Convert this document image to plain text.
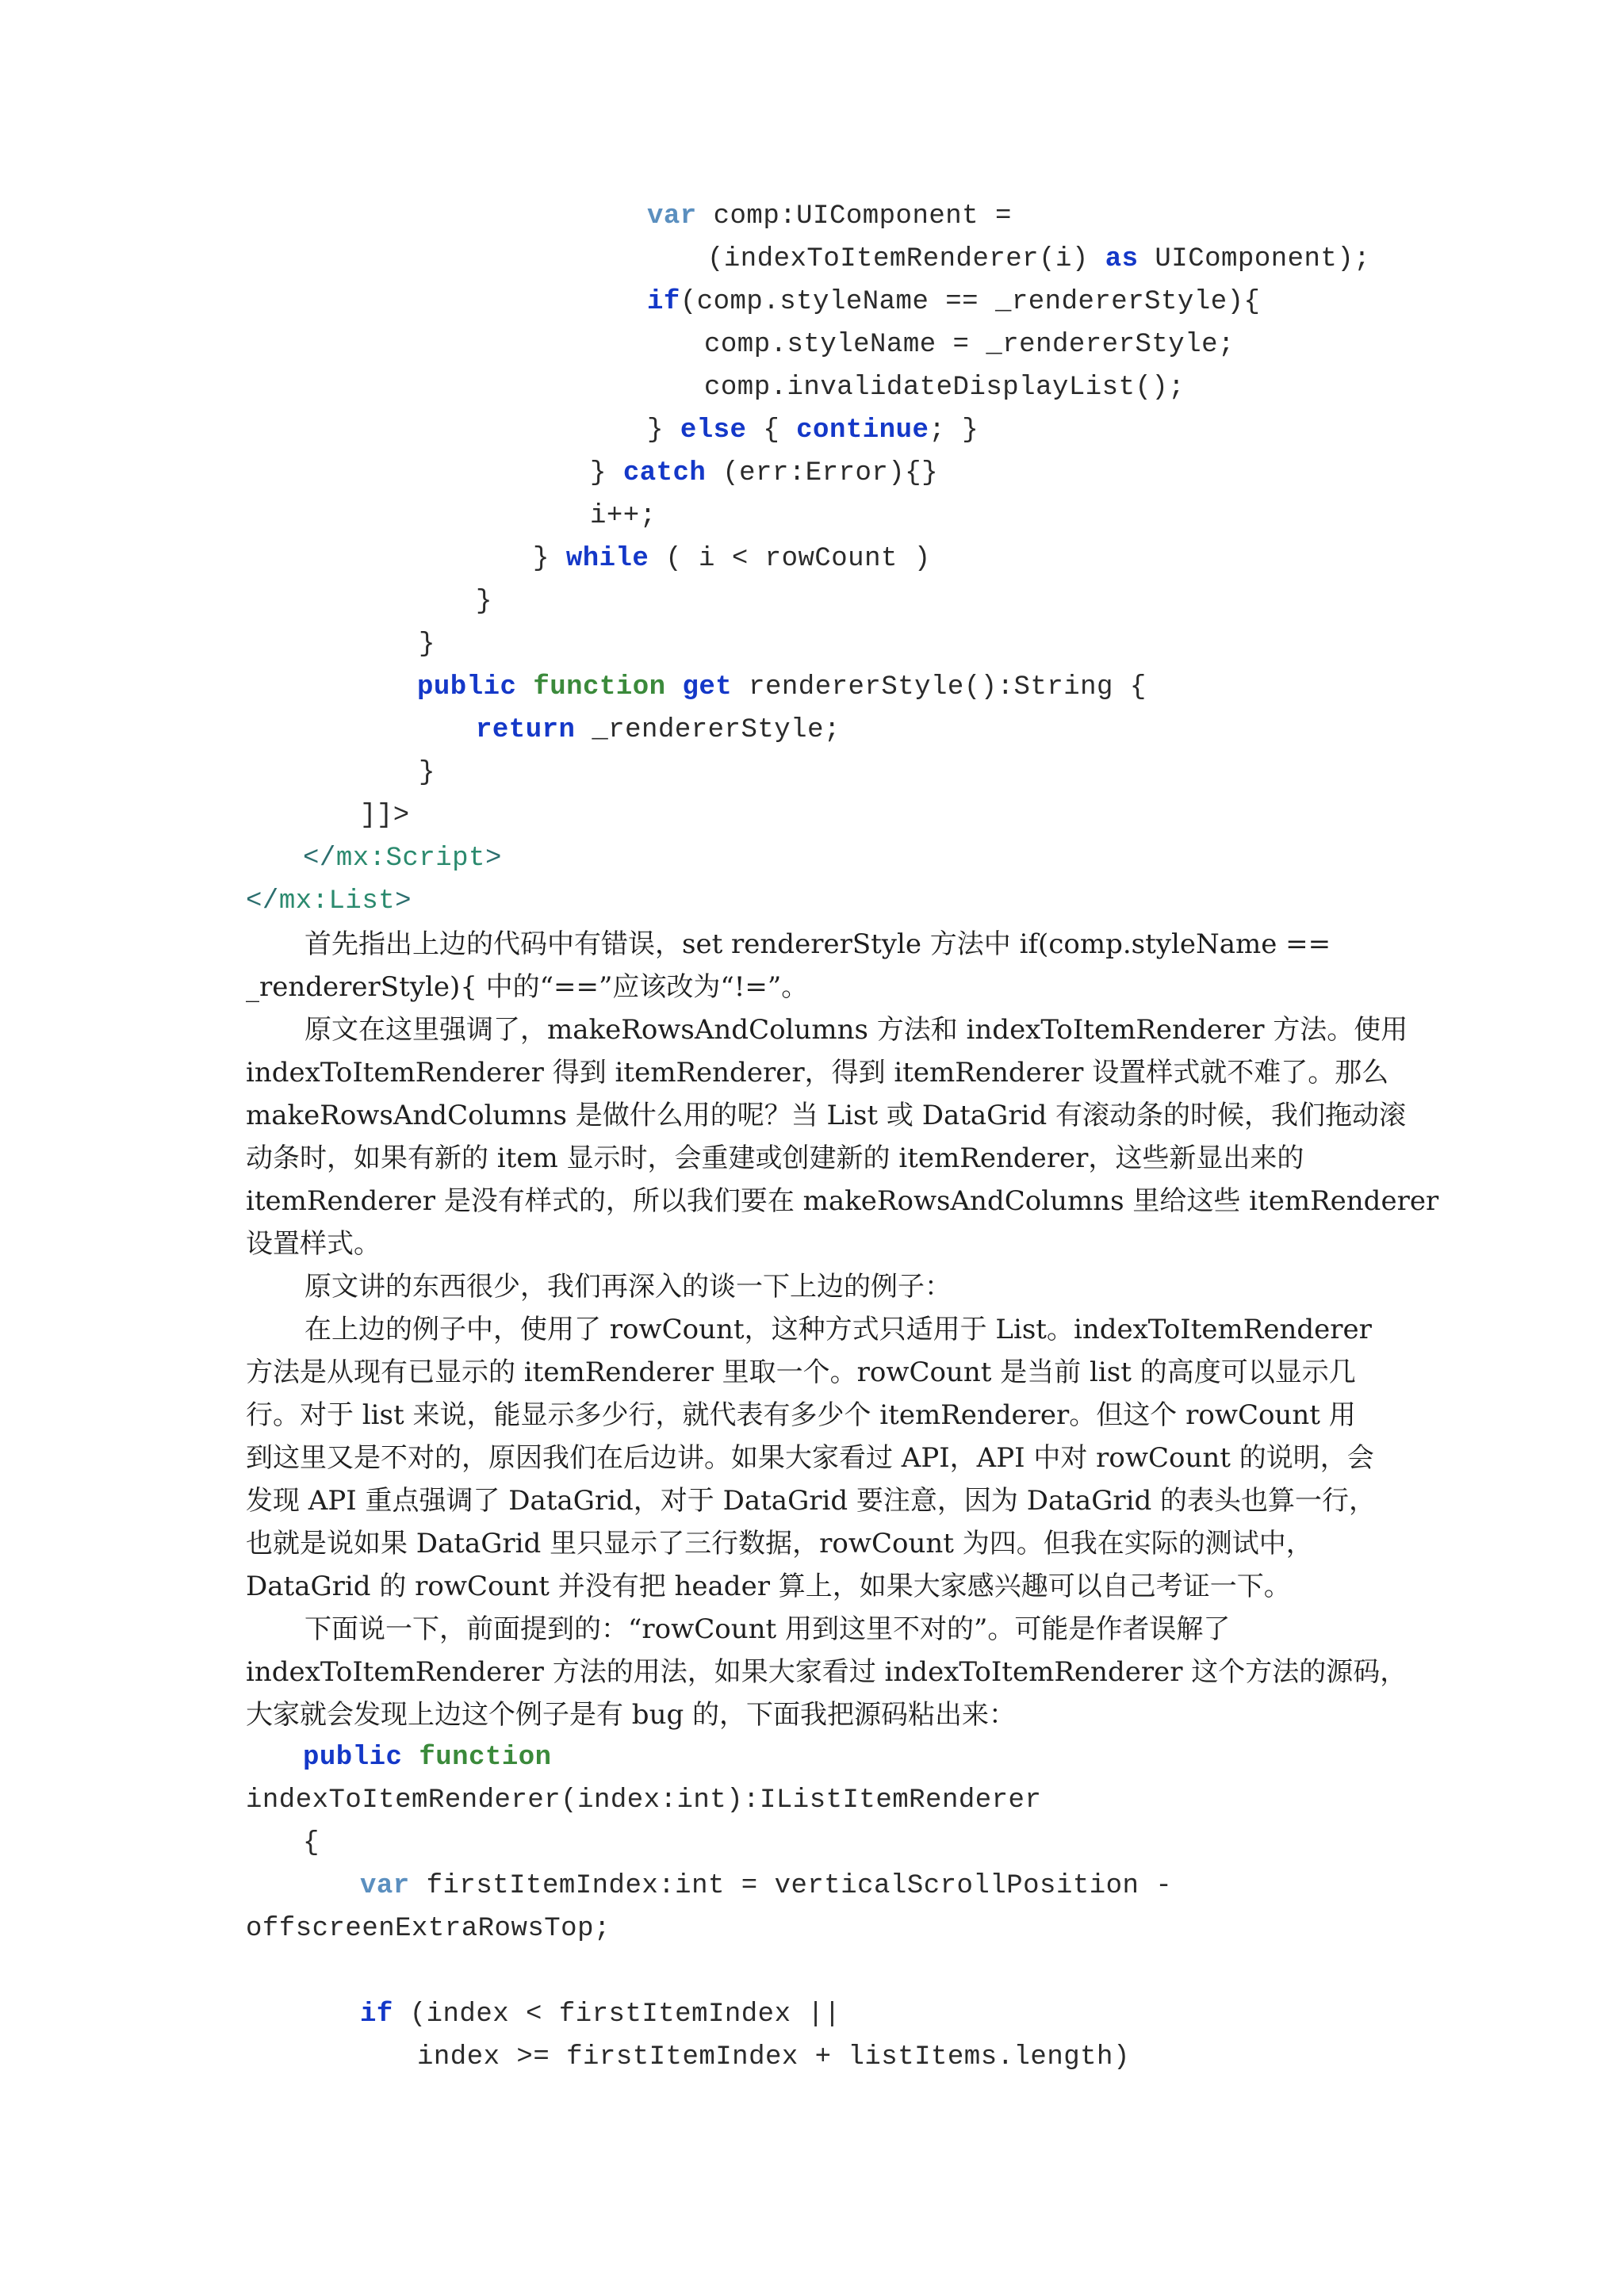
var comp:UIComponent =
(indexToItemRenderer(i) as UIComponent);
if(comp.styleName == _rendererStyle){
comp.styleName = _rendererStyle;
comp.invalidateDisplayList();
} else { continue; }
} catch (err:Error){}
i++;
} while ( i < rowCount )
}
}
public function get rendererStyle():String {
return _rendererStyle;
}
]]>
</mx:Script>
</mx:List>
首先指出上边的代码中有错误，set rendererStyle 方法中 if(comp.styleName ==
_rendererStyle){ 中的“==”应该改为“!=”。
原文在这里强调了，makeRowsAndColumns 方法和 indexToItemRenderer 方法。使用
indexToItemRenderer 得到 itemRenderer，得到 itemRenderer 设置样式就不难了。那么
makeRowsAndColumns 是做什么用的呢？当 List 或 DataGrid 有滚动条的时候，我们拖动滚
动条时，如果有新的 item 显示时，会重建或创建新的 itemRenderer，这些新显出来的
itemRenderer 是没有样式的，所以我们要在 makeRowsAndColumns 里给这些 itemRenderer
设置样式。
原文讲的东西很少，我们再深入的谈一下上边的例子：
在上边的例子中，使用了 rowCount，这种方式只适用于 List。indexToItemRenderer
方法是从现有已显示的 itemRenderer 里取一个。rowCount 是当前 list 的高度可以显示几
行。对于 list 来说，能显示多少行，就代表有多少个 itemRenderer。但这个 rowCount 用
到这里又是不对的，原因我们在后边讲。如果大家看过 API，API 中对 rowCount 的说明，会
发现 API 重点强调了 DataGrid，对于 DataGrid 要注意，因为 DataGrid 的表头也算一行，
也就是说如果 DataGrid 里只显示了三行数据，rowCount 为四。但我在实际的测试中，
DataGrid 的 rowCount 并没有把 header 算上，如果大家感兴趣可以自己考证一下。
下面说一下，前面提到的：“rowCount 用到这里不对的”。可能是作者误解了
indexToItemRenderer 方法的用法，如果大家看过 indexToItemRenderer 这个方法的源码，
大家就会发现上边这个例子是有 bug 的，下面我把源码粘出来：
public function
indexToItemRenderer(index:int):IListItemRenderer
{
var firstItemIndex:int = verticalScrollPosition -
offscreenExtraRowsTop;
if (index < firstItemIndex ||
index >= firstItemIndex + listItems.length)
